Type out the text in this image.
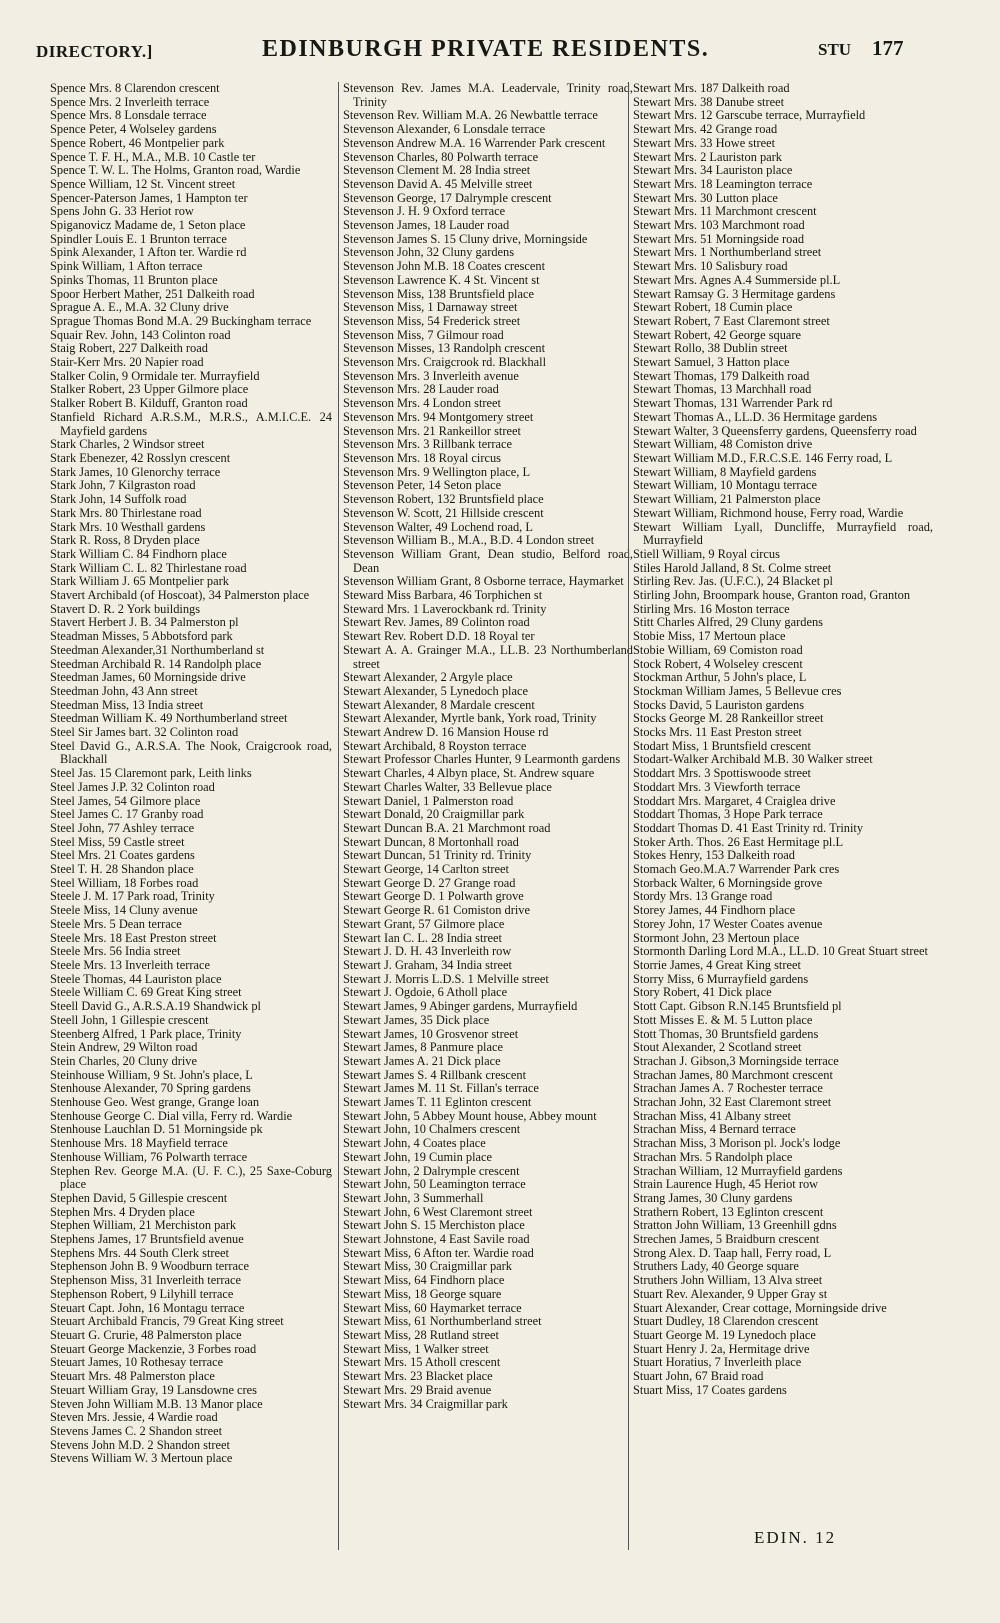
DIRECTORY.]	EDINBURGH PRIVATE RESIDENTS.	STU 177
Spence Mrs. 8 Clarendon crescent
Spence Mrs. 2 Inverleith terrace
Spence Mrs. 8 Lonsdale terrace
Spence Peter, 4 Wolseley gardens
Spence Robert, 46 Montpelier park
Spence T. F. H., M.A., M.B. 10 Castle ter
Spence T. W. L. The Holms, Granton road, Wardie
Spence William, 12 St. Vincent street
Spencer-Paterson James, 1 Hampton ter
Spens John G. 33 Heriot row
Spiganovicz Madame de, 1 Seton place
Spindler Louis E. 1 Brunton terrace
Spink Alexander, 1 Afton ter. Wardie rd
Spink William, 1 Afton terrace
Spinks Thomas, 11 Brunton place
Spoor Herbert Mather, 251 Dalkeith road
Sprague A. E., M.A. 32 Cluny drive
Sprague Thomas Bond M.A. 29 Buckingham terrace
Squair Rev. John, 143 Colinton road
Staig Robert, 227 Dalkeith road
Stair-Kerr Mrs. 20 Napier road
Stalker Colin, 9 Ormidale ter. Murrayfield
Stalker Robert, 23 Upper Gilmore place
Stalker Robert B. Kilduff, Granton road
Stanfield Richard A.R.S.M., M.R.S., A.M.I.C.E. 24 Mayfield gardens
Stark Charles, 2 Windsor street
Stark Ebenezer, 42 Rosslyn crescent
Stark James, 10 Glenorchy terrace
Stark John, 7 Kilgraston road
Stark John, 14 Suffolk road
Stark Mrs. 80 Thirlestane road
Stark Mrs. 10 Westhall gardens
Stark R. Ross, 8 Dryden place
Stark William C. 84 Findhorn place
Stark William C. L. 82 Thirlestane road
Stark William J. 65 Montpelier park
Stavert Archibald (of Hoscoat), 34 Palmerston place
Stavert D. R. 2 York buildings
Stavert Herbert J. B. 34 Palmerston pl
Steadman Misses, 5 Abbotsford park
Steedman Alexander,31 Northumberland st
Steedman Archibald R. 14 Randolph place
Steedman James, 60 Morningside drive
Steedman John, 43 Ann street
Steedman Miss, 13 India street
Steedman William K. 49 Northumberland street
Steel Sir James bart. 32 Colinton road
Steel David G., A.R.S.A. The Nook, Craigcrook road, Blackhall
Steel Jas. 15 Claremont park, Leith links
Steel James J.P. 32 Colinton road
Steel James, 54 Gilmore place
Steel James C. 17 Granby road
Steel John, 77 Ashley terrace
Steel Miss, 59 Castle street
Steel Mrs. 21 Coates gardens
Steel T. H. 28 Shandon place
Steel William, 18 Forbes road
Steele J. M. 17 Park road, Trinity
Steele Miss, 14 Cluny avenue
Steele Mrs. 5 Dean terrace
Steele Mrs. 18 East Preston street
Steele Mrs. 56 India street
Steele Mrs. 13 Inverleith terrace
Steele Thomas, 44 Lauriston place
Steele William C. 69 Great King street
Steell David G., A.R.S.A.19 Shandwick pl
Steell John, 1 Gillespie crescent
Steenberg Alfred, 1 Park place, Trinity
Stein Andrew, 29 Wilton road
Stein Charles, 20 Cluny drive
Steinhouse William, 9 St. John's place, L
Stenhouse Alexander, 70 Spring gardens
Stenhouse Geo. West grange, Grange loan
Stenhouse George C. Dial villa, Ferry rd. Wardie
Stenhouse Lauchlan D. 51 Morningside pk
Stenhouse Mrs. 18 Mayfield terrace
Stenhouse William, 76 Polwarth terrace
Stephen Rev. George M.A. (U. F. C.), 25 Saxe-Coburg place
Stephen David, 5 Gillespie crescent
Stephen Mrs. 4 Dryden place
Stephen William, 21 Merchiston park
Stephens James, 17 Bruntsfield avenue
Stephens Mrs. 44 South Clerk street
Stephenson John B. 9 Woodburn terrace
Stephenson Miss, 31 Inverleith terrace
Stephenson Robert, 9 Lilyhill terrace
Steuart Capt. John, 16 Montagu terrace
Steuart Archibald Francis, 79 Great King street
Steuart G. Crurie, 48 Palmerston place
Steuart George Mackenzie, 3 Forbes road
Steuart James, 10 Rothesay terrace
Steuart Mrs. 48 Palmerston place
Steuart William Gray, 19 Lansdowne cres
Steven John William M.B. 13 Manor place
Steven Mrs. Jessie, 4 Wardie road
Stevens James C. 2 Shandon street
Stevens John M.D. 2 Shandon street
Stevens William W. 3 Mertoun place
Stevenson Rev. James M.A. Leadervale, Trinity road, Trinity
Stevenson Rev. William M.A. 26 Newbattle terrace
Stevenson Alexander, 6 Lonsdale terrace
Stevenson Andrew M.A. 16 Warrender Park crescent
Stevenson Charles, 80 Polwarth terrace
Stevenson Clement M. 28 India street
Stevenson David A. 45 Melville street
Stevenson George, 17 Dalrymple crescent
Stevenson J. H. 9 Oxford terrace
Stevenson James, 18 Lauder road
Stevenson James S. 15 Cluny drive, Morningside
Stevenson John, 32 Cluny gardens
Stevenson John M.B. 18 Coates crescent
Stevenson Lawrence K. 4 St. Vincent st
Stevenson Miss, 138 Bruntsfield place
Stevenson Miss, 1 Darnaway street
Stevenson Miss, 54 Frederick street
Stevenson Miss, 7 Gilmour road
Stevenson Misses, 13 Randolph crescent
Stevenson Mrs. Craigcrook rd. Blackhall
Stevenson Mrs. 3 Inverleith avenue
Stevenson Mrs. 28 Lauder road
Stevenson Mrs. 4 London street
Stevenson Mrs. 94 Montgomery street
Stevenson Mrs. 21 Rankeillor street
Stevenson Mrs. 3 Rillbank terrace
Stevenson Mrs. 18 Royal circus
Stevenson Mrs. 9 Wellington place, L
Stevenson Peter, 14 Seton place
Stevenson Robert, 132 Bruntsfield place
Stevenson W. Scott, 21 Hillside crescent
Stevenson Walter, 49 Lochend road, L
Stevenson William B., M.A., B.D. 4 London street
Stevenson William Grant, Dean studio, Belford road, Dean
Stevenson William Grant, 8 Osborne terrace, Haymarket
Steward Miss Barbara, 46 Torphichen st
Steward Mrs. 1 Laverockbank rd. Trinity
Stewart Rev. James, 89 Colinton road
Stewart Rev. Robert D.D. 18 Royal ter
Stewart A. A. Grainger M.A., LL.B. 23 Northumberland street
Stewart Alexander, 2 Argyle place
Stewart Alexander, 5 Lynedoch place
Stewart Alexander, 8 Mardale crescent
Stewart Alexander, Myrtle bank, York road, Trinity
Stewart Andrew D. 16 Mansion House rd
Stewart Archibald, 8 Royston terrace
Stewart Professor Charles Hunter, 9 Learmonth gardens
Stewart Charles, 4 Albyn place, St. Andrew square
Stewart Charles Walter, 33 Bellevue place
Stewart Daniel, 1 Palmerston road
Stewart Donald, 20 Craigmillar park
Stewart Duncan B.A. 21 Marchmont road
Stewart Duncan, 8 Mortonhall road
Stewart Duncan, 51 Trinity rd. Trinity
Stewart George, 14 Carlton street
Stewart George D. 27 Grange road
Stewart George D. 1 Polwarth grove
Stewart George R. 61 Comiston drive
Stewart Grant, 57 Gilmore place
Stewart Ian C. L. 28 India street
Stewart J. D. H. 43 Inverleith row
Stewart J. Graham, 34 India street
Stewart J. Morris L.D.S. 1 Melville street
Stewart J. Ogdoie, 6 Atholl place
Stewart James, 9 Abinger gardens, Murrayfield
Stewart James, 35 Dick place
Stewart James, 10 Grosvenor street
Stewart James, 8 Panmure place
Stewart James A. 21 Dick place
Stewart James S. 4 Rillbank crescent
Stewart James M. 11 St. Fillan's terrace
Stewart James T. 11 Eglinton crescent
Stewart John, 5 Abbey Mount house, Abbey mount
Stewart John, 10 Chalmers crescent
Stewart John, 4 Coates place
Stewart John, 19 Cumin place
Stewart John, 2 Dalrymple crescent
Stewart John, 50 Leamington terrace
Stewart John, 3 Summerhall
Stewart John, 6 West Claremont street
Stewart John S. 15 Merchiston place
Stewart Johnstone, 4 East Savile road
Stewart Miss, 6 Afton ter. Wardie road
Stewart Miss, 30 Craigmillar park
Stewart Miss, 64 Findhorn place
Stewart Miss, 18 George square
Stewart Miss, 60 Haymarket terrace
Stewart Miss, 61 Northumberland street
Stewart Miss, 28 Rutland street
Stewart Miss, 1 Walker street
Stewart Mrs. 15 Atholl crescent
Stewart Mrs. 23 Blacket place
Stewart Mrs. 29 Braid avenue
Stewart Mrs. 34 Craigmillar park
Stewart Mrs. 187 Dalkeith road
Stewart Mrs. 38 Danube street
Stewart Mrs. 12 Garscube terrace, Murrayfield
Stewart Mrs. 42 Grange road
Stewart Mrs. 33 Howe street
Stewart Mrs. 2 Lauriston park
Stewart Mrs. 34 Lauriston place
Stewart Mrs. 18 Leamington terrace
Stewart Mrs. 30 Lutton place
Stewart Mrs. 11 Marchmont crescent
Stewart Mrs. 103 Marchmont road
Stewart Mrs. 51 Morningside road
Stewart Mrs. 1 Northumberland street
Stewart Mrs. 10 Salisbury road
Stewart Mrs. Agnes A.4 Summerside pl.L
Stewart Ramsay G. 3 Hermitage gardens
Stewart Robert, 18 Cumin place
Stewart Robert, 7 East Claremont street
Stewart Robert, 42 George square
Stewart Rollo, 38 Dublin street
Stewart Samuel, 3 Hatton place
Stewart Thomas, 179 Dalkeith road
Stewart Thomas, 13 Marchhall road
Stewart Thomas, 131 Warrender Park rd
Stewart Thomas A., LL.D. 36 Hermitage gardens
Stewart Walter, 3 Queensferry gardens, Queensferry road
Stewart William, 48 Comiston drive
Stewart William M.D., F.R.C.S.E. 146 Ferry road, L
Stewart William, 8 Mayfield gardens
Stewart William, 10 Montagu terrace
Stewart William, 21 Palmerston place
Stewart William, Richmond house, Ferry road, Wardie
Stewart William Lyall, Duncliffe, Murrayfield road, Murrayfield
Stiell William, 9 Royal circus
Stiles Harold Jalland, 8 St. Colme street
Stirling Rev. Jas. (U.F.C.), 24 Blacket pl
Stirling John, Broompark house, Granton road, Granton
Stirling Mrs. 16 Moston terrace
Stitt Charles Alfred, 29 Cluny gardens
Stobie Miss, 17 Mertoun place
Stobie William, 69 Comiston road
Stock Robert, 4 Wolseley crescent
Stockman Arthur, 5 John's place, L
Stockman William James, 5 Bellevue cres
Stocks David, 5 Lauriston gardens
Stocks George M. 28 Rankeillor street
Stocks Mrs. 11 East Preston street
Stodart Miss, 1 Bruntsfield crescent
Stodart-Walker Archibald M.B. 30 Walker street
Stoddart Mrs. 3 Spottiswoode street
Stoddart Mrs. 3 Viewforth terrace
Stoddart Mrs. Margaret, 4 Craiglea drive
Stoddart Thomas, 3 Hope Park terrace
Stoddart Thomas D. 41 East Trinity rd. Trinity
Stoker Arth. Thos. 26 East Hermitage pl.L
Stokes Henry, 153 Dalkeith road
Stomach Geo.M.A.7 Warrender Park cres
Storback Walter, 6 Morningside grove
Stordy Mrs. 13 Grange road
Storey James, 44 Findhorn place
Storey John, 17 Wester Coates avenue
Stormont John, 23 Mertoun place
Stormonth Darling Lord M.A., LL.D. 10 Great Stuart street
Storrie James, 4 Great King street
Storry Miss, 6 Murrayfield gardens
Story Robert, 41 Dick place
Stott Capt. Gibson R.N.145 Bruntsfield pl
Stott Misses E. & M. 5 Lutton place
Stott Thomas, 30 Bruntsfield gardens
Stout Alexander, 2 Scotland street
Strachan J. Gibson,3 Morningside terrace
Strachan James, 80 Marchmont crescent
Strachan James A. 7 Rochester terrace
Strachan John, 32 East Claremont street
Strachan Miss, 41 Albany street
Strachan Miss, 4 Bernard terrace
Strachan Miss, 3 Morison pl. Jock's lodge
Strachan Mrs. 5 Randolph place
Strachan William, 12 Murrayfield gardens
Strain Laurence Hugh, 45 Heriot row
Strang James, 30 Cluny gardens
Strathern Robert, 13 Eglinton crescent
Stratton John William, 13 Greenhill gdns
Strechen James, 5 Braidburn crescent
Strong Alex. D. Taap hall, Ferry road, L
Struthers Lady, 40 George square
Struthers John William, 13 Alva street
Stuart Rev. Alexander, 9 Upper Gray st
Stuart Alexander, Crear cottage, Morningside drive
Stuart Dudley, 18 Clarendon crescent
Stuart George M. 19 Lynedoch place
Stuart Henry J. 2a, Hermitage drive
Stuart Horatius, 7 Inverleith place
Stuart John, 67 Braid road
Stuart Miss, 17 Coates gardens
EDIN. 12
